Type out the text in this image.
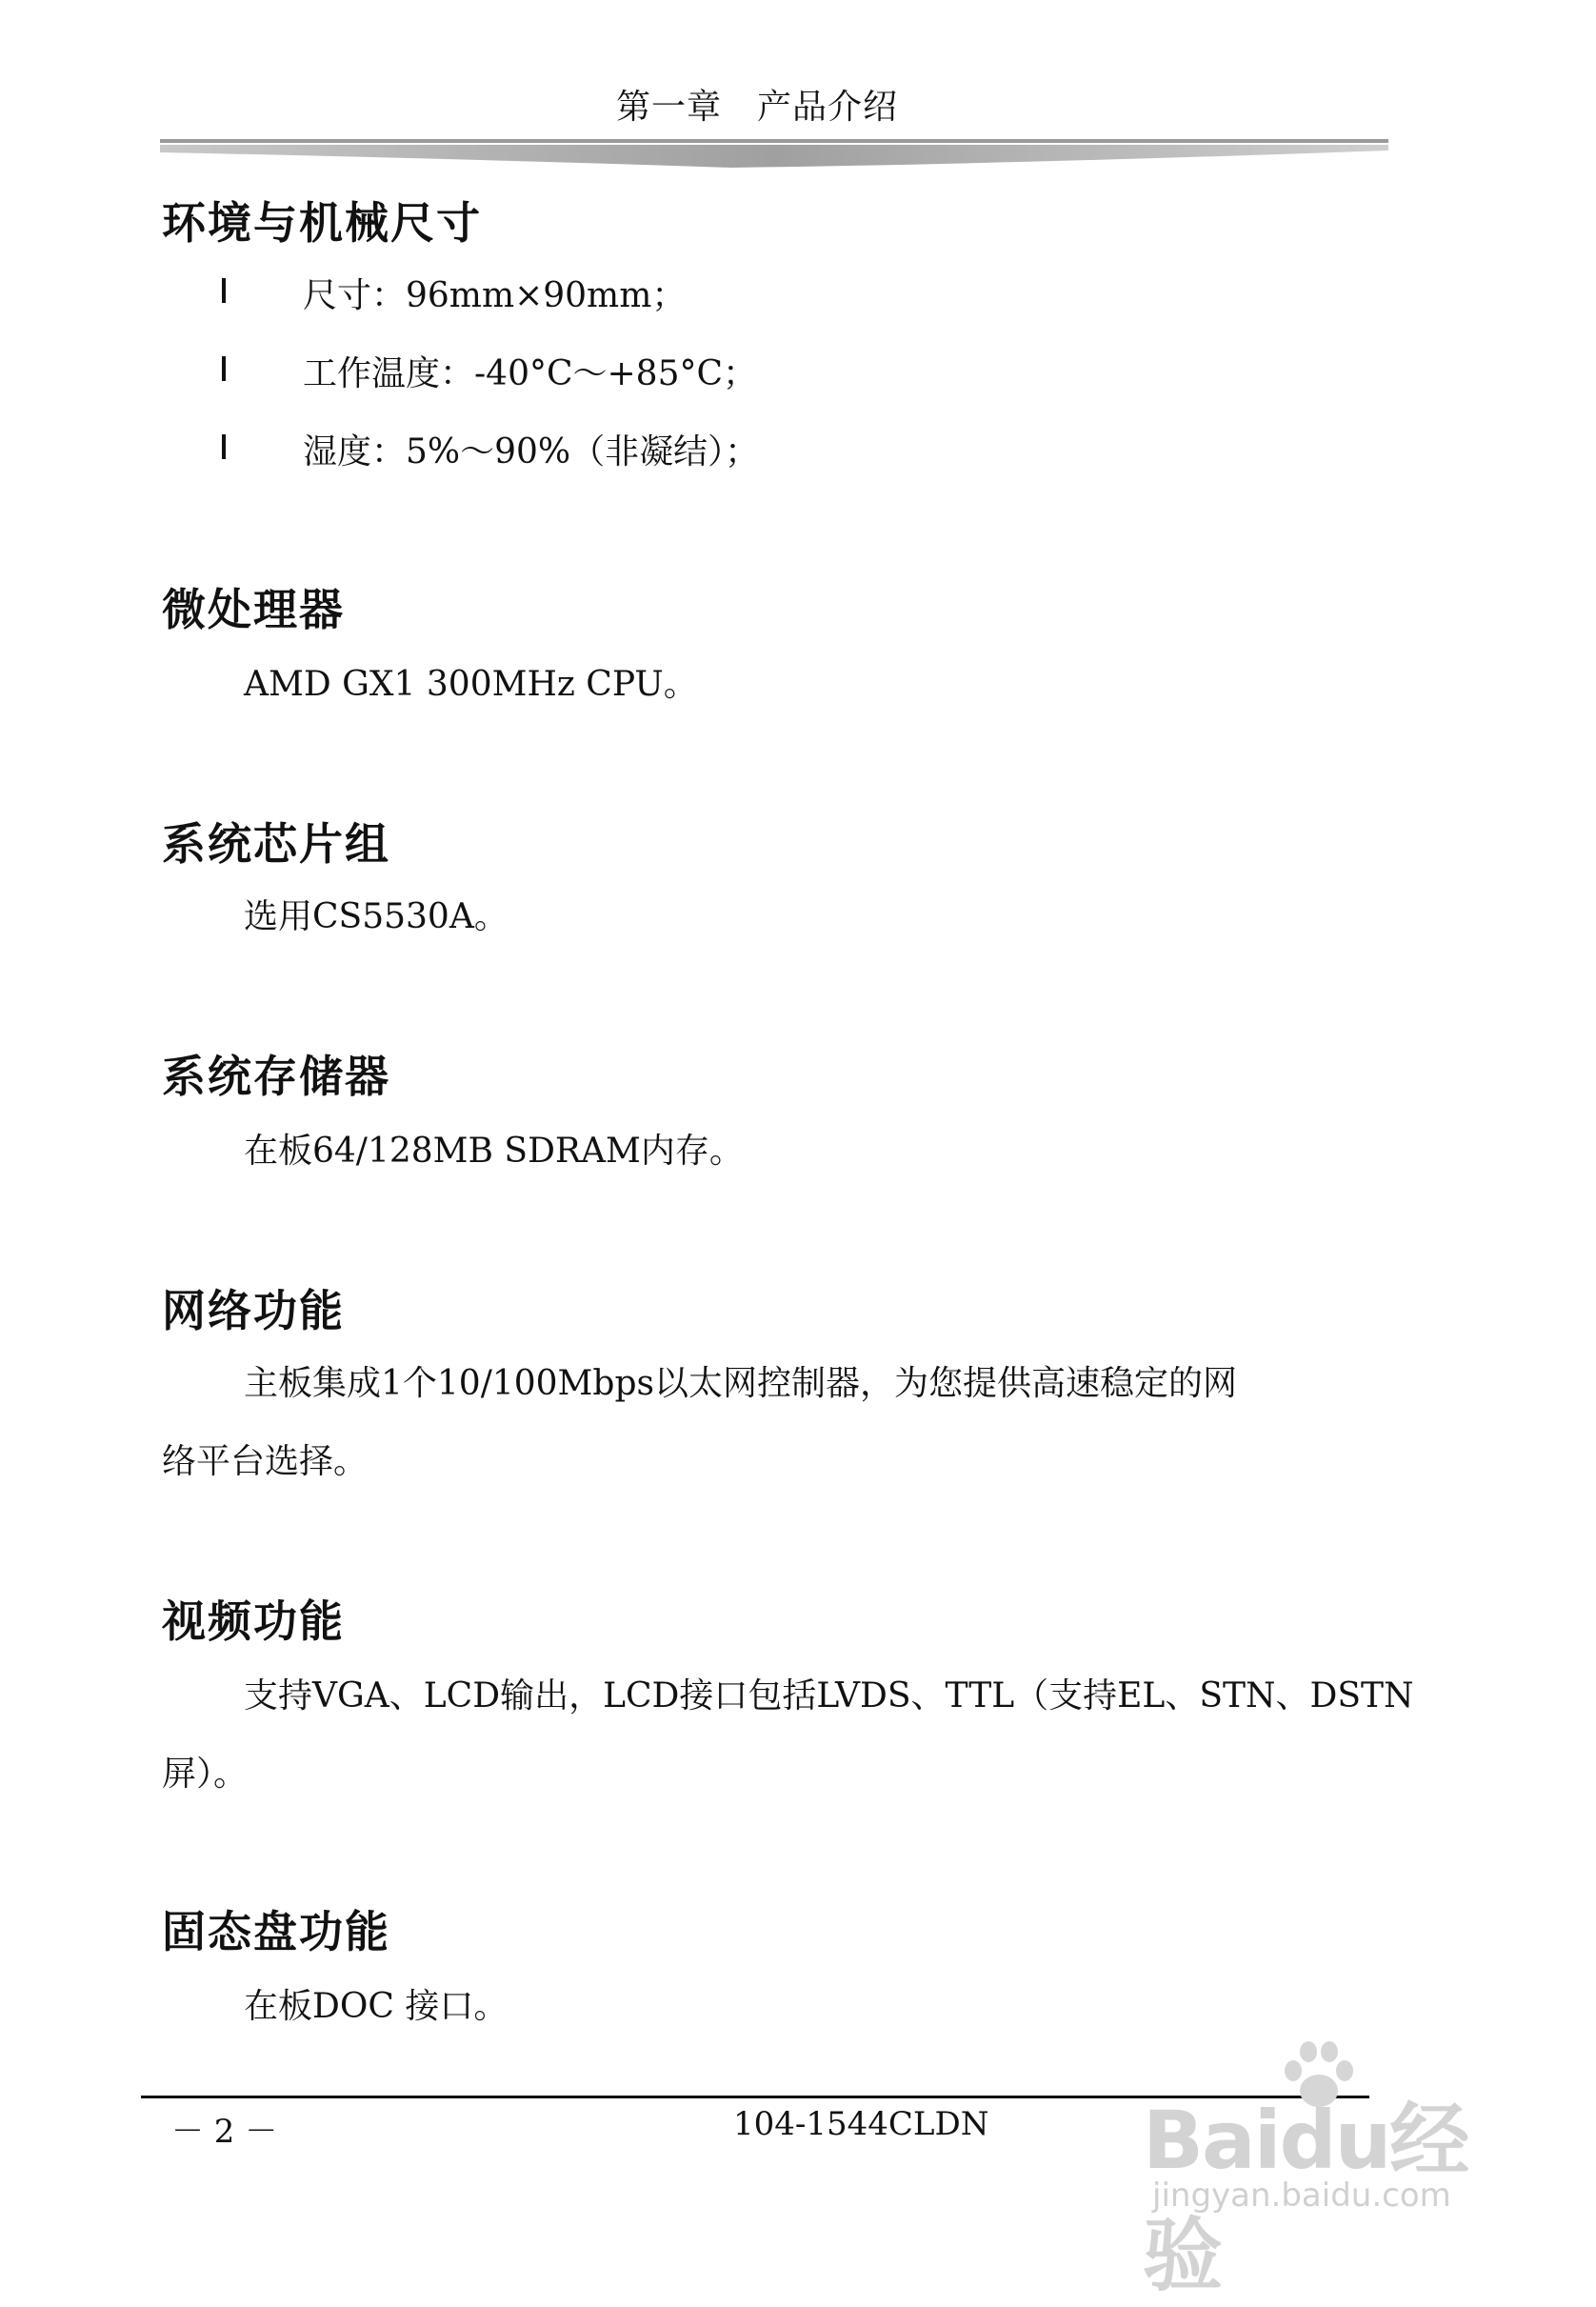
第一章　产品介绍
环境与机械尺寸
尺寸：96mm×90mm；
工作温度：-40°C～+85°C；
湿度：5%～90%（非凝结）；
微处理器
AMD GX1 300MHz CPU。
系统芯片组
选用CS5530A。
系统存储器
在板64/128MB SDRAM内存。
网络功能
主板集成1个10/100Mbps以太网控制器，为您提供高速稳定的网
络平台选择。
视频功能
支持VGA、LCD输出，LCD接口包括LVDS、TTL（支持EL、STN、DSTN
屏）。
固态盘功能
在板DOC 接口。
－ 2 －	104-1544CLDN Baidu经验
jingyan.baidu.com
